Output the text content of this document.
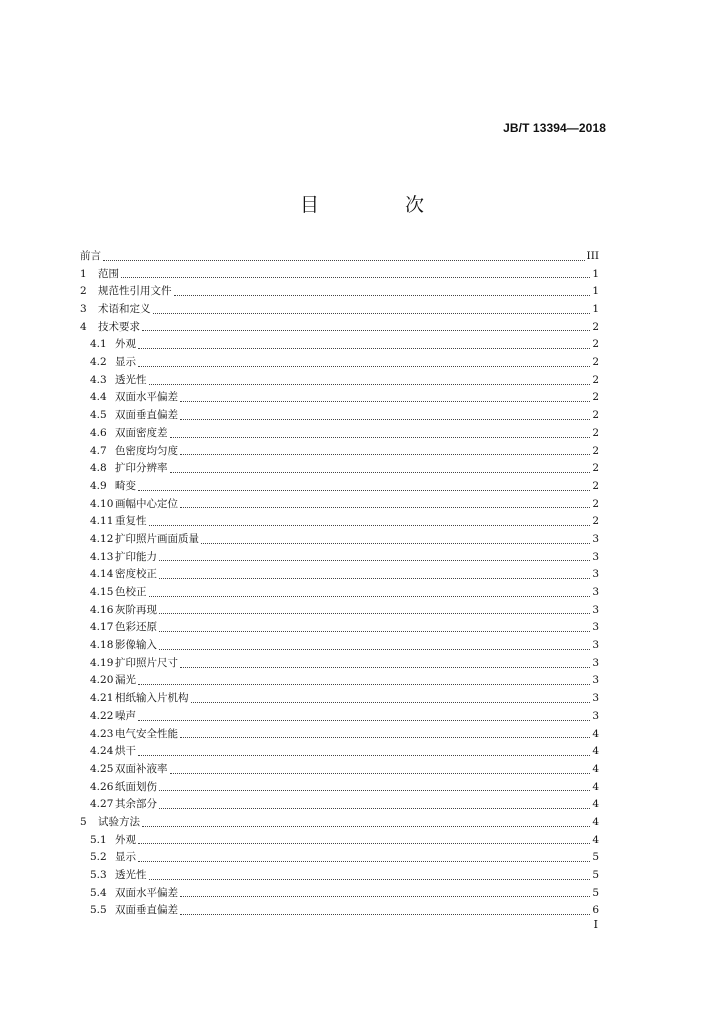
JB/T 13394—2018
目 次
前言	III
1	范围	1
2	规范性引用文件	1
3	术语和定义	1
4	技术要求	2
4.1 外观	2
4.2 显示	2
4.3 透光性	2
4.4 双面水平偏差	2
4.5 双面垂直偏差	2
4.6 双面密度差	2
4.7 色密度均匀度	2
4.8 扩印分辨率	2
4.9 畸变	2
4.10 画幅中心定位	2
4.11 重复性	2
4.12 扩印照片画面质量	3
4.13 扩印能力	3
4.14 密度校正	3
4.15 色校正	3
4.16 灰阶再现	3
4.17 色彩还原	3
4.18 影像输入	3
4.19 扩印照片尺寸	3
4.20 漏光	3
4.21 相纸输入片机构	3
4.22 噪声	3
4.23 电气安全性能	4
4.24 烘干	4
4.25 双面补液率	4
4.26 纸面划伤	4
4.27 其余部分	4
5	试验方法	4
5.1 外观	4
5.2 显示	5
5.3 透光性	5
5.4 双面水平偏差	5
5.5 双面垂直偏差	6
I
